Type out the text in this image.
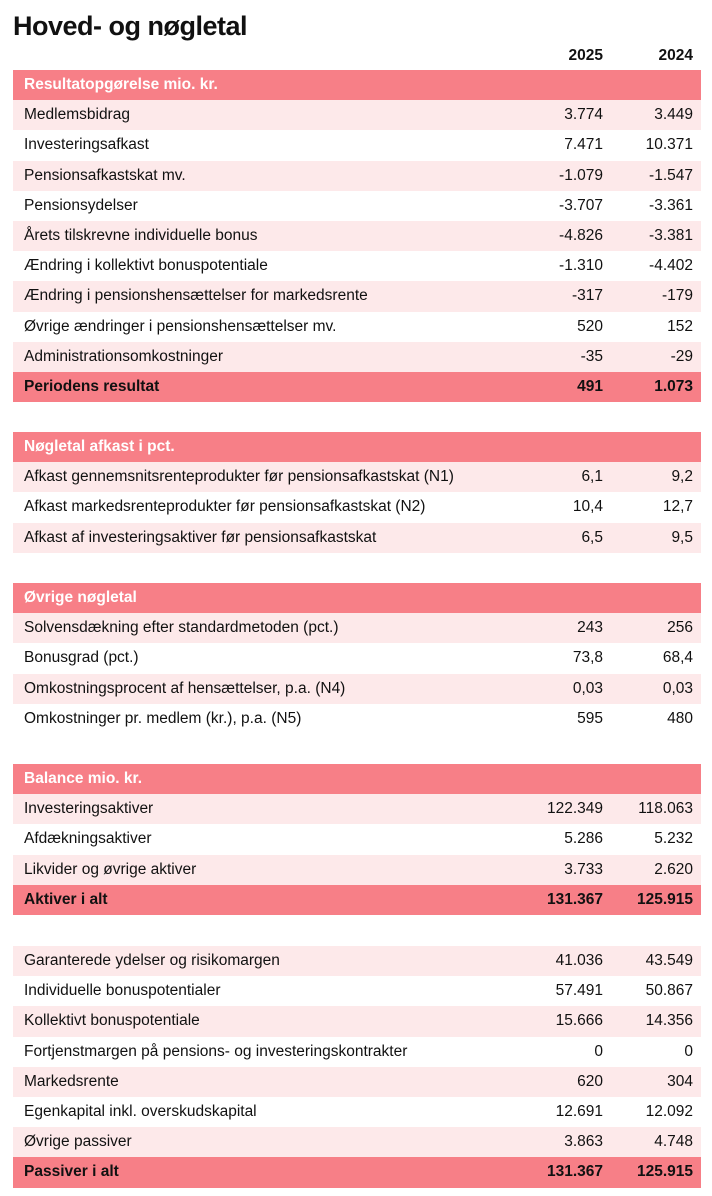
Hoved- og nøgletal
2025	2024
Resultatopgørelse mio. kr.
Medlemsbidrag	3.774	3.449
Investeringsafkast	7.471	10.371
Pensionsafkastskat mv.	-1.079	-1.547
Pensionsydelser	-3.707	-3.361
Årets tilskrevne individuelle bonus	-4.826	-3.381
Ændring i kollektivt bonuspotentiale	-1.310	-4.402
Ændring i pensionshensættelser for markedsrente	-317	-179
Øvrige ændringer i pensionshensættelser mv.	520	152
Administrationsomkostninger	-35	-29
Periodens resultat	491	1.073
Nøgletal afkast i pct.
Afkast gennemsnitsrenteprodukter før pensionsafkastskat (N1)	6,1	9,2
Afkast markedsrenteprodukter før pensionsafkastskat (N2)	10,4	12,7
Afkast af investeringsaktiver før pensionsafkastskat	6,5	9,5
Øvrige nøgletal
Solvensdækning efter standardmetoden (pct.)	243	256
Bonusgrad (pct.)	73,8	68,4
Omkostningsprocent af hensættelser, p.a. (N4)	0,03	0,03
Omkostninger pr. medlem (kr.), p.a. (N5)	595	480
Balance mio. kr.
Investeringsaktiver	122.349 118.063
Afdækningsaktiver	5.286	5.232
Likvider og øvrige aktiver	3.733	2.620
Aktiver i alt	131.367 125.915
Garanterede ydelser og risikomargen	41.036	43.549
Individuelle bonuspotentialer	57.491	50.867
Kollektivt bonuspotentiale	15.666	14.356
Fortjenstmargen på pensions- og investeringskontrakter	0	0
Markedsrente	620	304
Egenkapital inkl. overskudskapital	12.691	12.092
Øvrige passiver	3.863	4.748
Passiver i alt	131.367 125.915
